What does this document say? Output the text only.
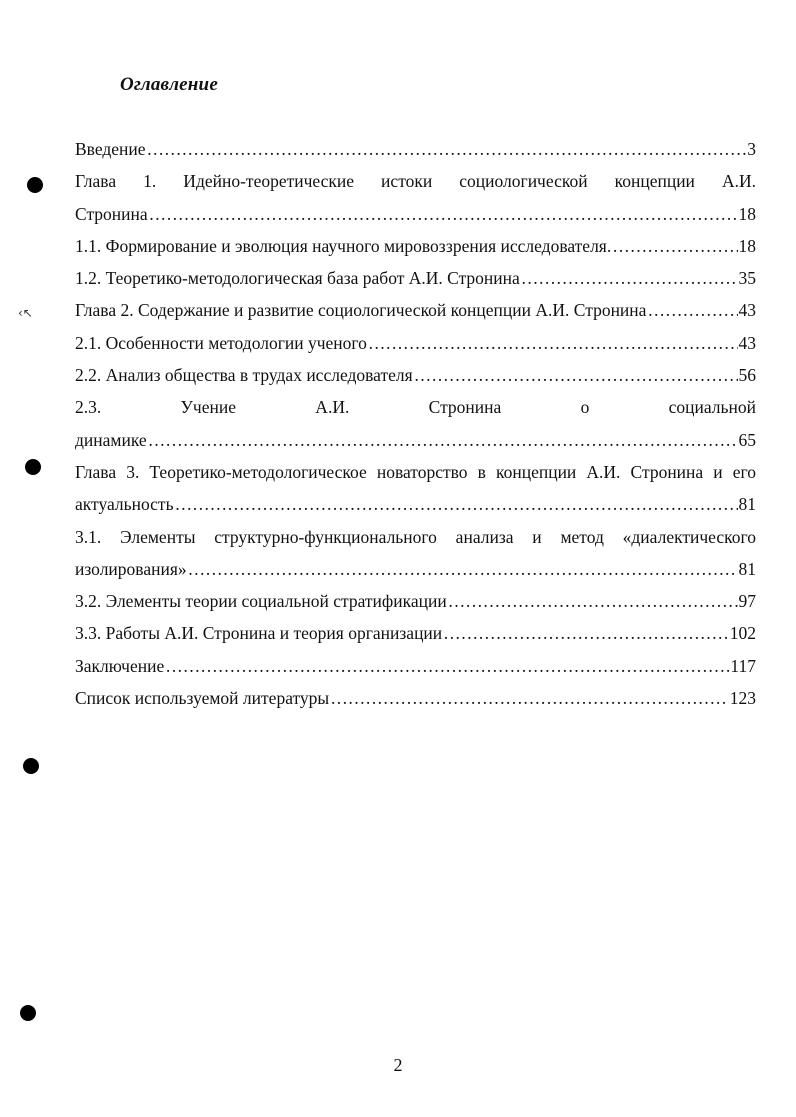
Оглавление
Введение ……………………………………………………………………………………………………………………………………………………………………	3
Глава 1. Идейно-теоретические истоки социологической концепции А.И.
Стронина ……………………………………………………………………………………………………………………………………………………………………	18
1.1. Формирование и эволюция научного мировоззрения исследователя. ……………………………………………………………………………………………………………………………………………………………………	18
1.2. Теоретико-методологическая база работ А.И. Стронина ……………………………………………………………………………………………………………………………………………………………………	35
Глава 2. Содержание и развитие социологической концепции А.И. Стронина ……………………………………………………………………………………………………………………………………………………………………	43
2.1. Особенности методологии ученого ……………………………………………………………………………………………………………………………………………………………………	43
2.2. Анализ общества в трудах исследователя ……………………………………………………………………………………………………………………………………………………………………	56
2.3. Учение А.И. Стронина о социальной
динамике ……………………………………………………………………………………………………………………………………………………………………	65
Глава 3. Теоретико-методологическое новаторство в концепции А.И. Стронина и его
актуальность ……………………………………………………………………………………………………………………………………………………………………	81
3.1. Элементы структурно-функционального анализа и метод «диалектического
изолирования» ……………………………………………………………………………………………………………………………………………………………………	81
3.2. Элементы теории социальной стратификации ……………………………………………………………………………………………………………………………………………………………………	97
3.3. Работы А.И. Стронина и теория организации ……………………………………………………………………………………………………………………………………………………………………	102
Заключение ……………………………………………………………………………………………………………………………………………………………………	117
Список используемой литературы ……………………………………………………………………………………………………………………………………………………………………	123
2
‹↖
